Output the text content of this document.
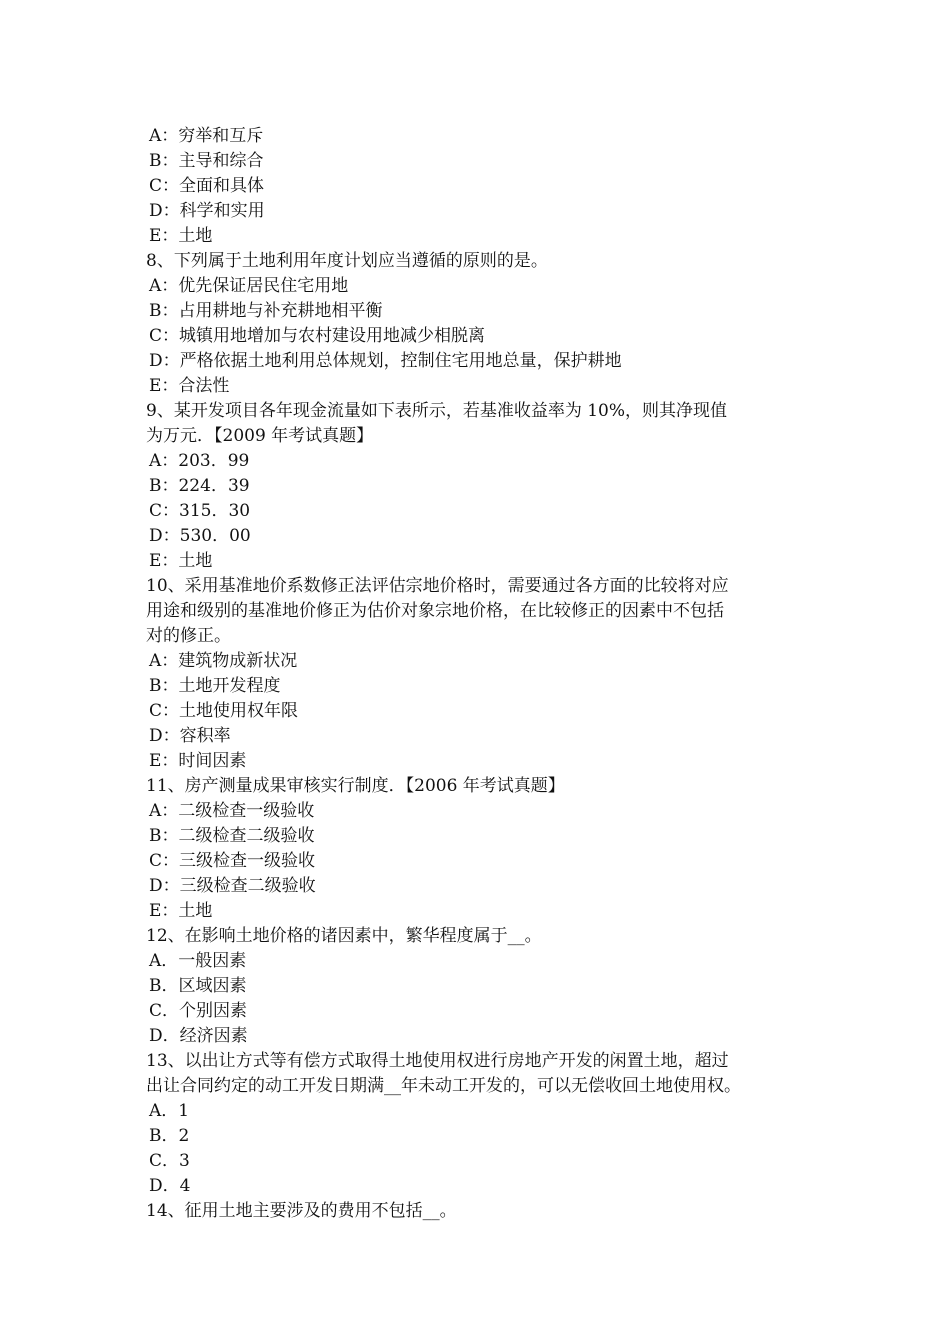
A：穷举和互斥
B：主导和综合
C：全面和具体
D：科学和实用
E：土地
8、下列属于土地利用年度计划应当遵循的原则的是。
A：优先保证居民住宅用地
B：占用耕地与补充耕地相平衡
C：城镇用地增加与农村建设用地减少相脱离
D：严格依据土地利用总体规划，控制住宅用地总量，保护耕地
E：合法性
9、某开发项目各年现金流量如下表所示，若基准收益率为 10%，则其净现值
为万元．【2009 年考试真题】
A：203．99
B：224．39
C：315．30
D：530．00
E：土地
10、采用基准地价系数修正法评估宗地价格时，需要通过各方面的比较将对应
用途和级别的基准地价修正为估价对象宗地价格，在比较修正的因素中不包括
对的修正。
A：建筑物成新状况
B：土地开发程度
C：土地使用权年限
D：容积率
E：时间因素
11、房产测量成果审核实行制度．【2006 年考试真题】
A：二级检查一级验收
B：二级检查二级验收
C：三级检查一级验收
D：三级检查二级验收
E：土地
12、在影响土地价格的诸因素中，繁华程度属于__。
A．一般因素
B．区域因素
C．个别因素
D．经济因素
13、以出让方式等有偿方式取得土地使用权进行房地产开发的闲置土地，超过
出让合同约定的动工开发日期满__年未动工开发的，可以无偿收回土地使用权。
A．1
B．2
C．3
D．4
14、征用土地主要涉及的费用不包括__。
